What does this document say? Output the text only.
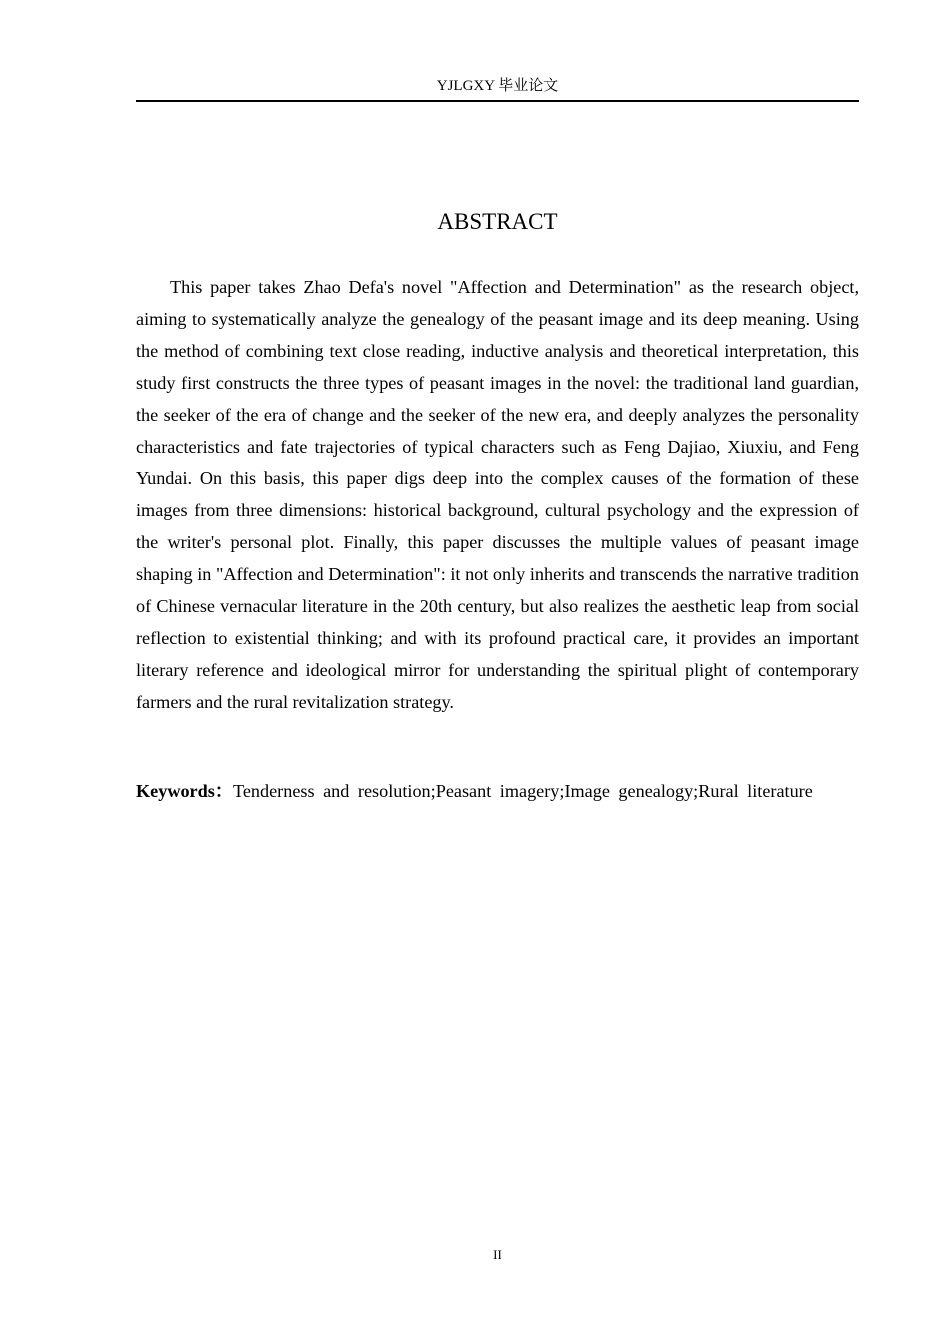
YJLGXY 毕业论文
ABSTRACT

This paper takes Zhao Defa's novel "Affection and Determination" as the research object, aiming to systematically analyze the genealogy of the peasant image and its deep meaning. Using the method of combining text close reading, inductive analysis and theoretical interpretation, this study first constructs the three types of peasant images in the novel: the traditional land guardian, the seeker of the era of change and the seeker of the new era, and deeply analyzes the personality characteristics and fate trajectories of typical characters such as Feng Dajiao, Xiuxiu, and Feng Yundai. On this basis, this paper digs deep into the complex causes of the formation of these images from three dimensions: historical background, cultural psychology and the expression of the writer's personal plot. Finally, this paper discusses the multiple values of peasant image shaping in "Affection and Determination": it not only inherits and transcends the narrative tradition of Chinese vernacular literature in the 20th century, but also realizes the aesthetic leap from social reflection to existential thinking; and with its profound practical care, it provides an important literary reference and ideological mirror for understanding the spiritual plight of contemporary farmers and the rural revitalization strategy.

Keywords：Tenderness and resolution;Peasant imagery;Image genealogy;Rural literature

II
